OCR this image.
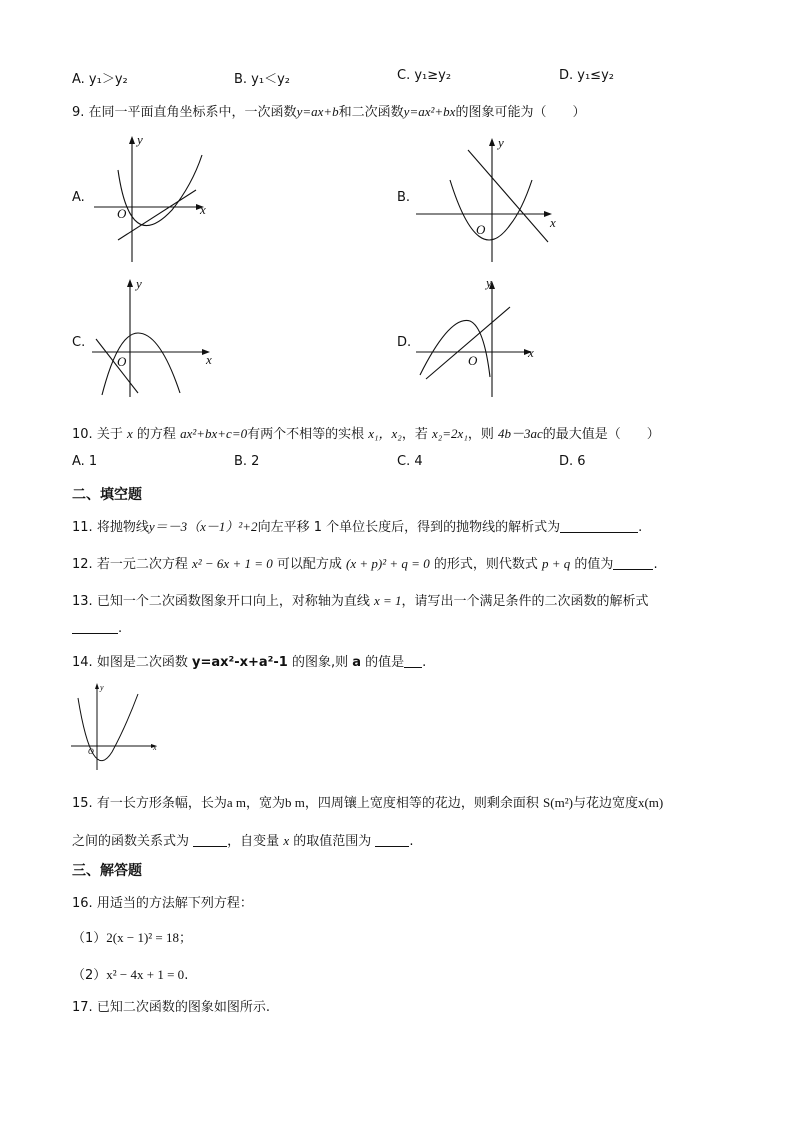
A. y₁＞y₂	B. y₁＜y₂	C. y₁≥y₂	D. y₁≤y₂
9. 在同一平面直角坐标系中，一次函数y=ax+b和二次函数y=ax²+bx的图象可能为（　　）
A.
y
x
O
B.
y
x
O
C.
y
x
O
D.
y
x
O
10. 关于 x 的方程 ax²+bx+c=0有两个不相等的实根 x₁，x₂，若 x₂=2x₁，则 4b－3ac的最大值是（　　）
A. 1	B. 2	C. 4	D. 6
二、填空题
11. 将抛物线y＝－3（x－1）²+2向左平移 1 个单位长度后，得到的抛物线的解析式为	.
12. 若一元二次方程 x² − 6x + 1 = 0 可以配方成 (x + p)² + q = 0 的形式，则代数式 p + q 的值为	.
13. 已知一个二次函数图象开口向上，对称轴为直线 x = 1，请写出一个满足条件的二次函数的解析式
.
14. 如图是二次函数 y=ax²-x+a²-1 的图象,则 a 的值是 .
y
x
O
15. 有一长方形条幅，长为a m，宽为b m，四周镶上宽度相等的花边，则剩余面积 S(m²)与花边宽度x(m)
之间的函数关系式为	，自变量 x 的取值范围为	.
三、解答题
16. 用适当的方法解下列方程：
（1）2(x − 1)² = 18；
（2）x² − 4x + 1 = 0.
17. 已知二次函数的图象如图所示.
